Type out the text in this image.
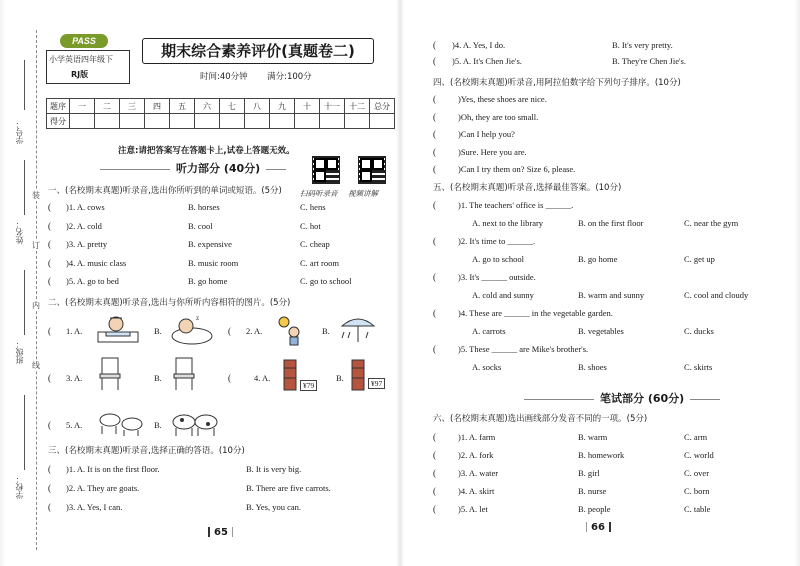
学号：
姓名：
班级：
学校：
装
订
内
线
PASS
小学英语四年级下
RJ版
期末综合素养评价(真题卷二)
时间:40分钟 满分:100分
题序	一	二	三	四	五	六	七	八	九	十	十一	十二	总分
得分													
注意:请把答案写在答题卡上,试卷上答题无效。
听力部分 (40分)
扫码听录音 视频讲解
一、(名校期末真题)听录音,选出你所听到的单词或短语。(5分)
( )1. A. cows	B. horses	C. hens
( )2. A. cold	B. cool	C. hot
( )3. A. pretty	B. expensive	C. cheap
( )4. A. music class	B. music room	C. art room
( )5. A. go to bed	B. go home	C. go to school
二、(名校期末真题)听录音,选出与你所听内容相符的图片。(5分)
( 1. A.	B.
z
( 2. A.	B.
( 3. A.	B.	(	4. A.
¥79
B.
¥97
( 5. A.	B.
三、(名校期末真题)听录音,选择正确的答语。(10分)
( )1. A. It is on the first floor.	B. It is very big.
( )2. A. They are goats.	B. There are five carrots.
( )3. A. Yes, I can.	B. Yes, you can.
65
( )4. A. Yes, I do.	B. It's very pretty.
( )5. A. It's Chen Jie's.	B. They're Chen Jie's.
四、(名校期末真题)听录音,用阿拉伯数字给下列句子排序。(10分)
(	)Yes, these shoes are nice.
(	)Oh, they are too small.
(	)Can I help you?
(	)Sure. Here you are.
(	)Can I try them on? Size 6, please.
五、(名校期末真题)听录音,选择最佳答案。(10分)
(	)1. The teachers' office is ______.
A. next to the library	B. on the first floor	C. near the gym
(	)2. It's time to ______.
A. go to school	B. go home	C. get up
(	)3. It's ______ outside.
A. cold and sunny	B. warm and sunny	C. cool and cloudy
(	)4. These are ______ in the vegetable garden.
A. carrots	B. vegetables	C. ducks
(	)5. These ______ are Mike's brother's.
A. socks	B. shoes	C. skirts
笔试部分 (60分)
六、(名校期末真题)选出画线部分发音不同的一项。(5分)
(	)1. A. farm	B. warm	C. arm
(	)2. A. fork	B. homework	C. world
(	)3. A. water	B. girl	C. over
(	)4. A. skirt	B. nurse	C. born
(	)5. A. let	B. people	C. table
66
